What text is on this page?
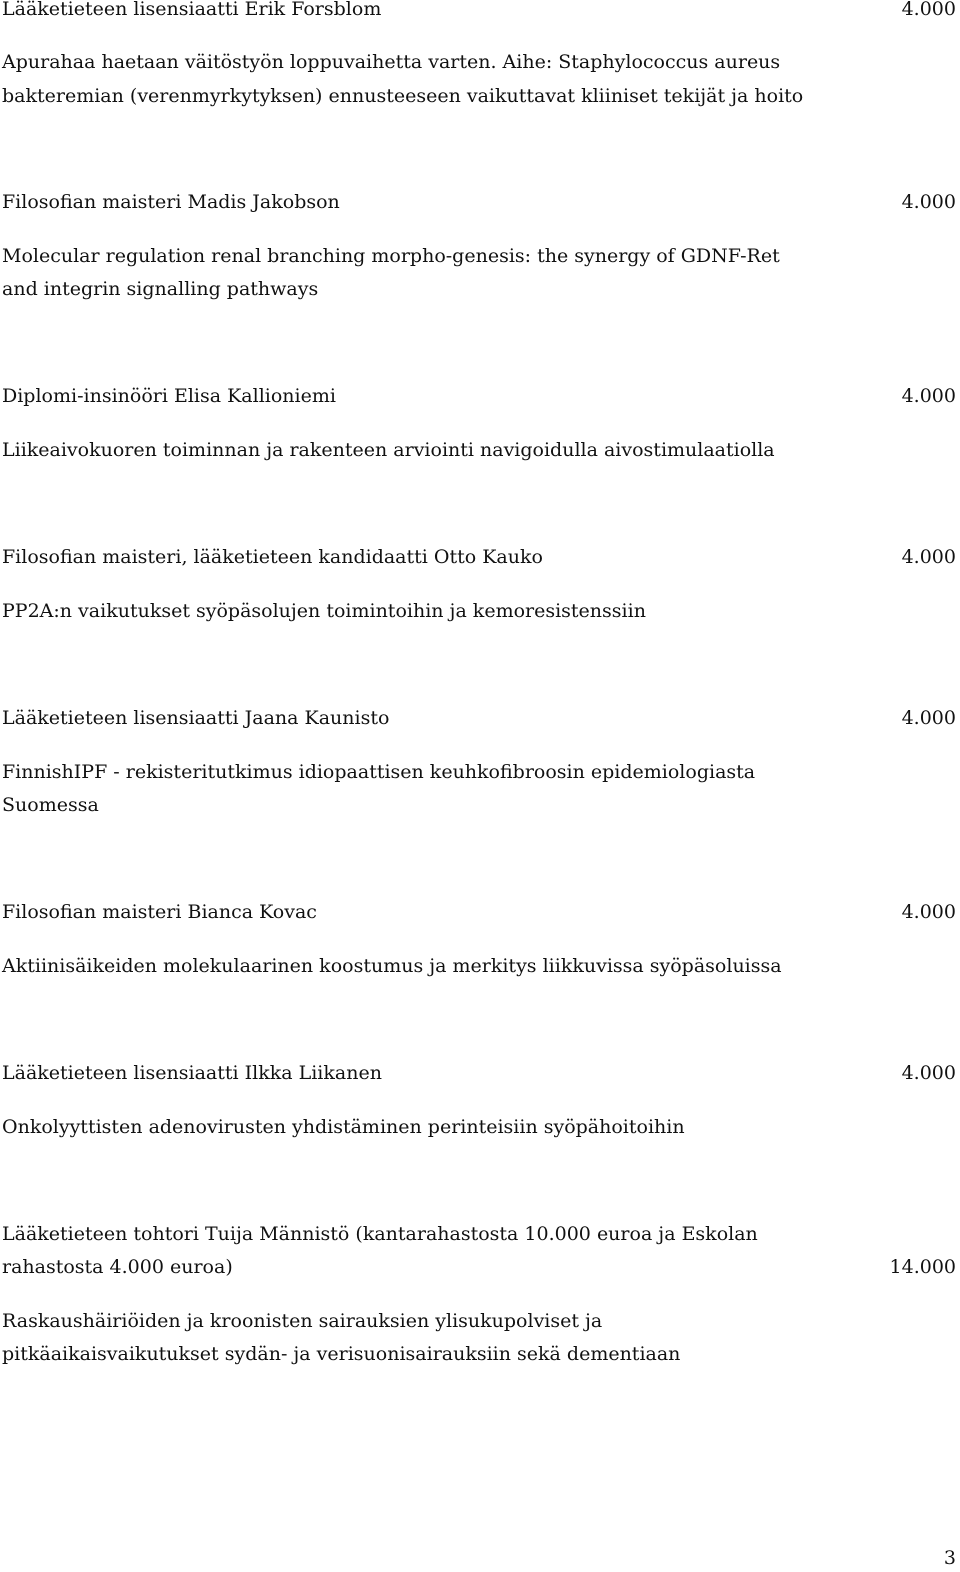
Lääketieteen lisensiaatti Erik Forsblom	4.000
Apurahaa haetaan väitöstyön loppuvaihetta varten. Aihe: Staphylococcus aureus
bakteremian (verenmyrkytyksen) ennusteeseen vaikuttavat kliiniset tekijät ja hoito
Filosofian maisteri Madis Jakobson	4.000
Molecular regulation renal branching morpho-genesis: the synergy of GDNF-Ret
and integrin signalling pathways
Diplomi-insinööri Elisa Kallioniemi	4.000
Liikeaivokuoren toiminnan ja rakenteen arviointi navigoidulla aivostimulaatiolla
Filosofian maisteri, lääketieteen kandidaatti Otto Kauko	4.000
PP2A:n vaikutukset syöpäsolujen toimintoihin ja kemoresistenssiin
Lääketieteen lisensiaatti Jaana Kaunisto	4.000
FinnishIPF - rekisteritutkimus idiopaattisen keuhkofibroosin epidemiologiasta
Suomessa
Filosofian maisteri Bianca Kovac	4.000
Aktiinisäikeiden molekulaarinen koostumus ja merkitys liikkuvissa syöpäsoluissa
Lääketieteen lisensiaatti Ilkka Liikanen	4.000
Onkolyyttisten adenovirusten yhdistäminen perinteisiin syöpähoitoihin
Lääketieteen tohtori Tuija Männistö (kantarahastosta 10.000 euroa ja Eskolan
rahastosta 4.000 euroa)	14.000
Raskaushäiriöiden ja kroonisten sairauksien ylisukupolviset ja
pitkäaikaisvaikutukset sydän- ja verisuonisairauksiin sekä dementiaan
3
